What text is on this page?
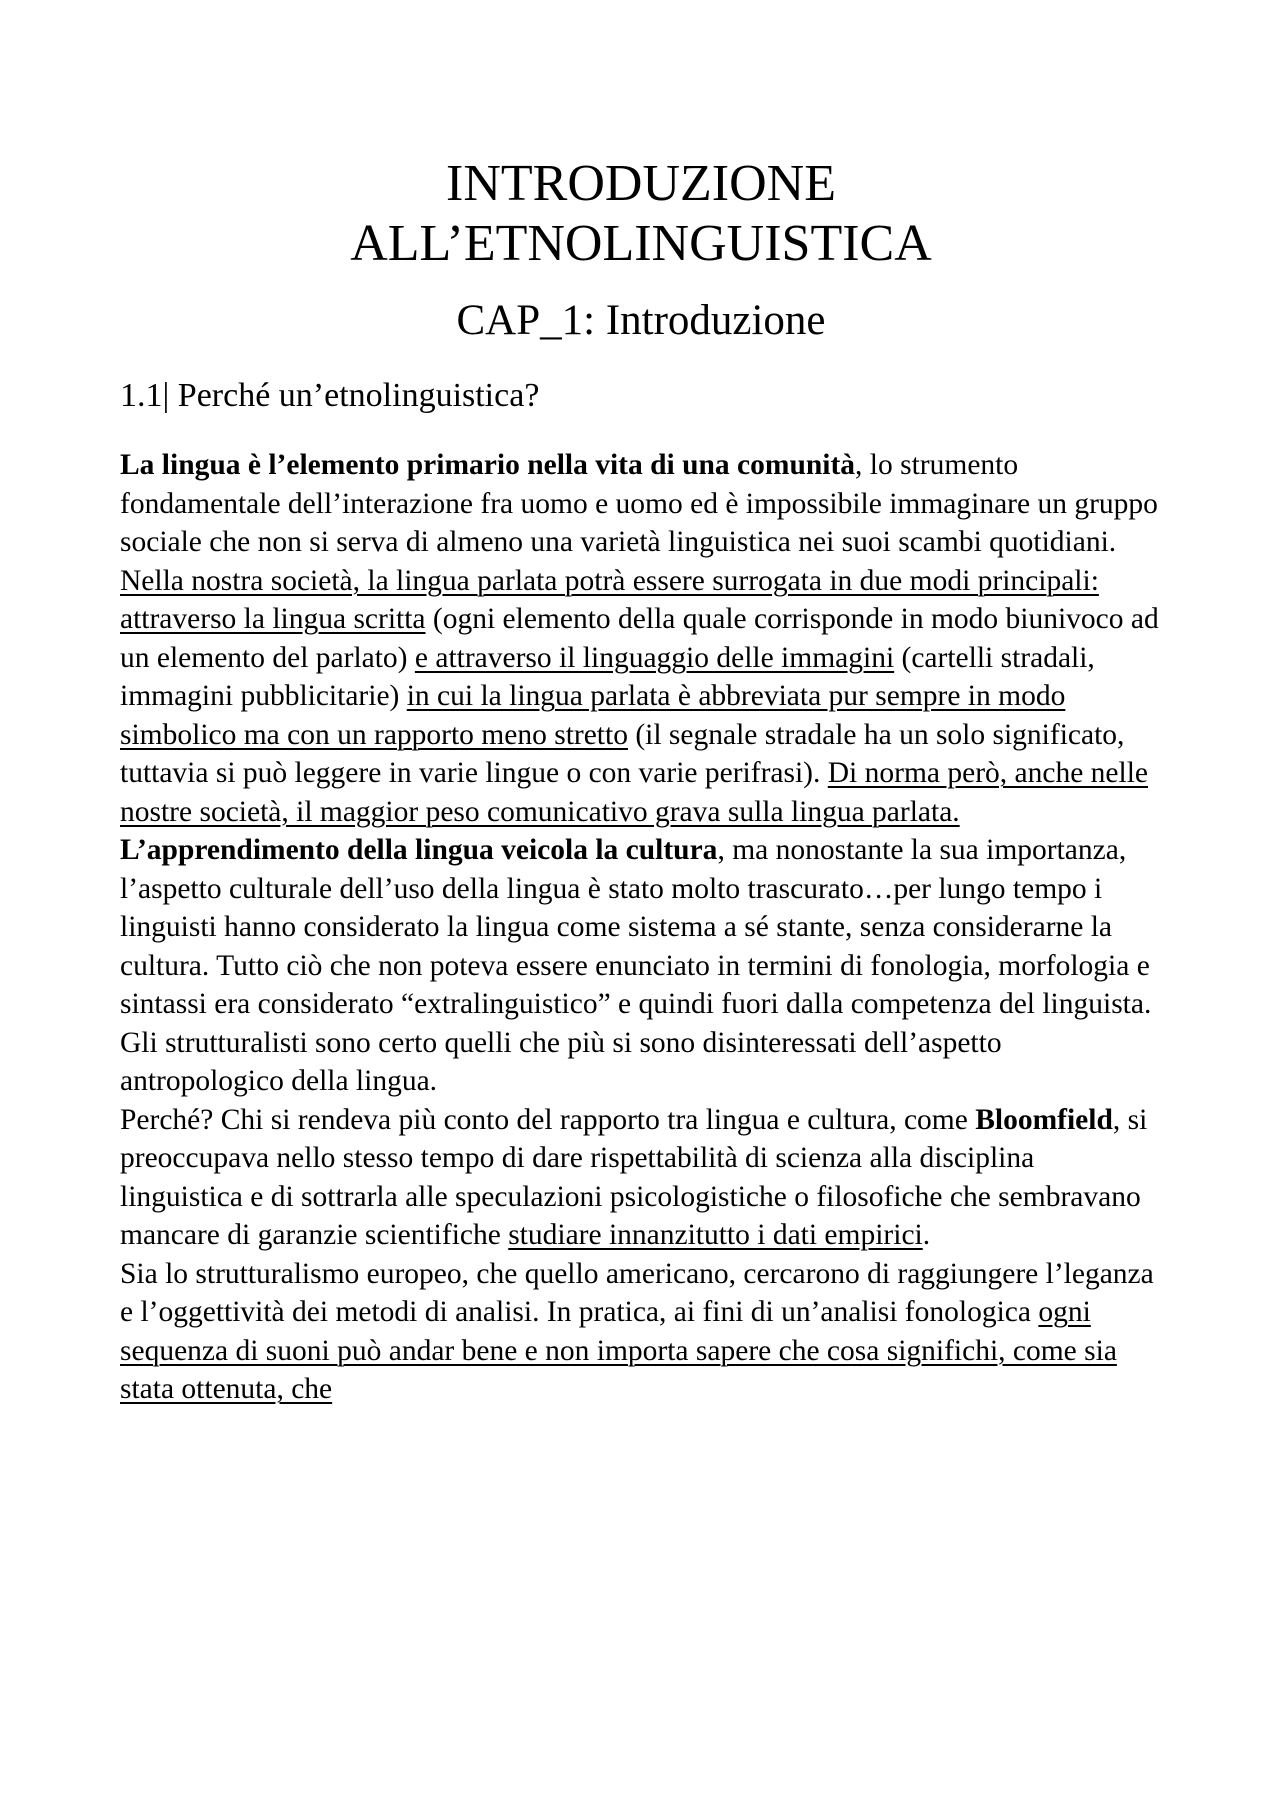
INTRODUZIONE
ALL’ETNOLINGUISTICA
CAP_1: Introduzione
1.1| Perché un’etnolinguistica?

La lingua è l’elemento primario nella vita di una comunità, lo strumento fondamentale dell’interazione fra uomo e uomo ed è impossibile immaginare un gruppo sociale che non si serva di almeno una varietà linguistica nei suoi scambi quotidiani.

Nella nostra società, la lingua parlata potrà essere surrogata in due modi principali: attraverso la lingua scritta (ogni elemento della quale corrisponde in modo biunivoco ad un elemento del parlato) e attraverso il linguaggio delle immagini (cartelli stradali, immagini pubblicitarie) in cui la lingua parlata è abbreviata pur sempre in modo simbolico ma con un rapporto meno stretto (il segnale stradale ha un solo significato, tuttavia si può leggere in varie lingue o con varie perifrasi). Di norma però, anche nelle nostre società, il maggior peso comunicativo grava sulla lingua parlata.

L’apprendimento della lingua veicola la cultura, ma nonostante la sua importanza, l’aspetto culturale dell’uso della lingua è stato molto trascurato…per lungo tempo i linguisti hanno considerato la lingua come sistema a sé stante, senza considerarne la cultura. Tutto ciò che non poteva essere enunciato in termini di fonologia, morfologia e sintassi era considerato “extralinguistico” e quindi fuori dalla competenza del linguista.

Gli strutturalisti sono certo quelli che più si sono disinteressati dell’aspetto antropologico della lingua.

Perché? Chi si rendeva più conto del rapporto tra lingua e cultura, come Bloomfield, si preoccupava nello stesso tempo di dare rispettabilità di scienza alla disciplina linguistica e di sottrarla alle speculazioni psicologistiche o filosofiche che sembravano mancare di garanzie scientifiche studiare innanzitutto i dati empirici.

Sia lo strutturalismo europeo, che quello americano, cercarono di raggiungere l’leganza e l’oggettività dei metodi di analisi. In pratica, ai fini di un’analisi fonologica ogni sequenza di suoni può andar bene e non importa sapere che cosa significhi, come sia stata ottenuta, che
